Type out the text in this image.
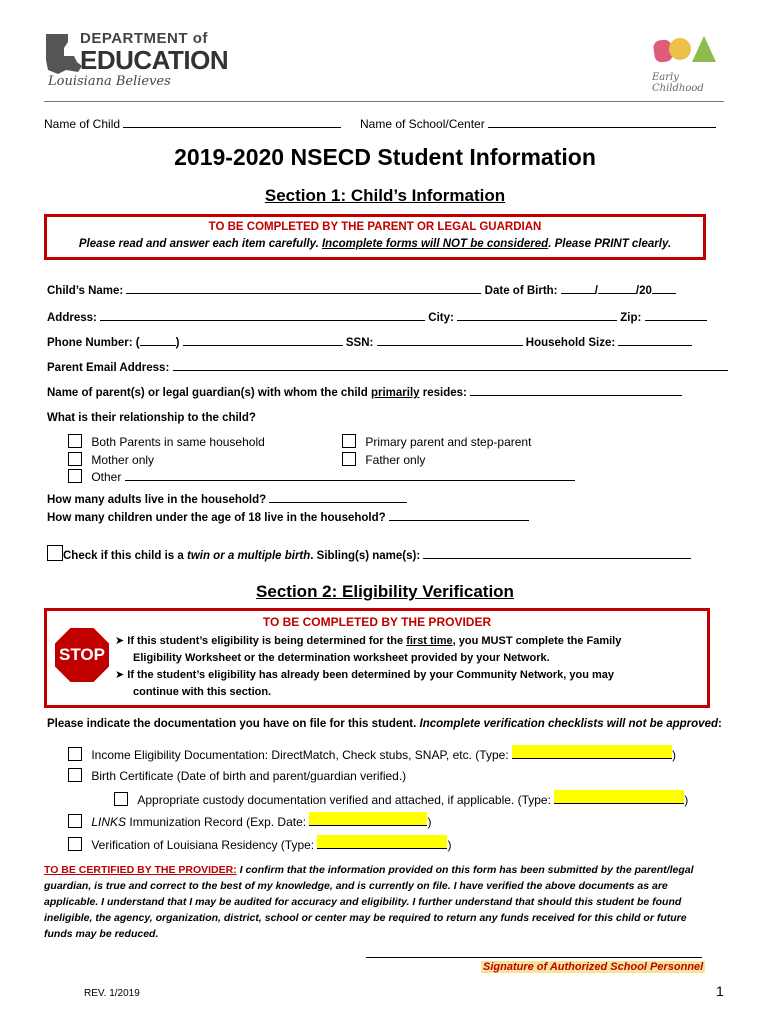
DEPARTMENT of
EDUCATION
Louisiana Believes	Early Childhood
Name of Child	Name of School/Center
2019-2020 NSECD Student Information
Section 1: Child’s Information
TO BE COMPLETED BY THE PARENT OR LEGAL GUARDIAN
Please read and answer each item carefully. Incomplete forms will NOT be considered. Please PRINT clearly.
Child’s Name:	Date of Birth:	/	/20
Address:	City:	Zip:
Phone Number: (	)	SSN:	Household Size:
Parent Email Address:
Name of parent(s) or legal guardian(s) with whom the child primarily resides:
What is their relationship to the child?
Both Parents in same household
Mother only
Other
Primary parent and step-parent
Father only
How many adults live in the household?
How many children under the age of 18 live in the household?
Check if this child is a twin or a multiple birth. Sibling(s) name(s):
Section 2: Eligibility Verification
TO BE COMPLETED BY THE PROVIDER
STOP
➤ If this student’s eligibility is being determined for the first time, you MUST complete the Family
Eligibility Worksheet or the determination worksheet provided by your Network.
➤ If the student’s eligibility has already been determined by your Community Network, you may
continue with this section.
Please indicate the documentation you have on file for this student. Incomplete verification checklists will not be approved:
Income Eligibility Documentation: DirectMatch, Check stubs, SNAP, etc. (Type:	)
Birth Certificate (Date of birth and parent/guardian verified.)
Appropriate custody documentation verified and attached, if applicable. (Type:	)
LINKS Immunization Record (Exp. Date:	)
Verification of Louisiana Residency (Type:	)
TO BE CERTIFIED BY THE PROVIDER: I confirm that the information provided on this form has been submitted by the parent/legal guardian, is true and correct to the best of my knowledge, and is currently on file. I have verified the above documents as are applicable. I understand that I may be audited for accuracy and eligibility. I further understand that should this student be found ineligible, the agency, organization, district, school or center may be required to return any funds received for this child or future funds may be reduced.
Signature of Authorized School Personnel
REV. 1/2019	1
